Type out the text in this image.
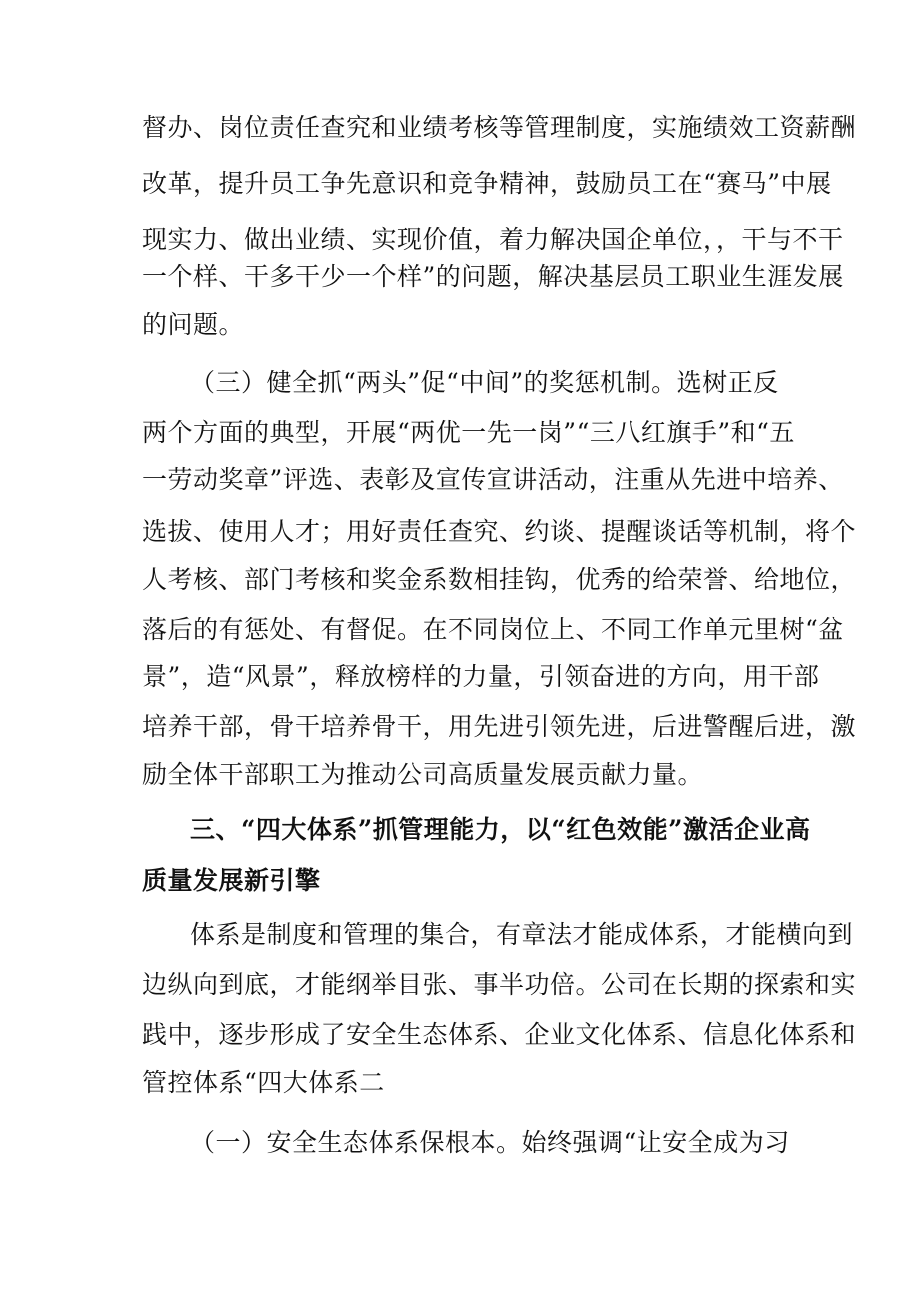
督办、岗位责任查究和业绩考核等管理制度，实施绩效工资薪酬
改革，提升员工争先意识和竞争精神，鼓励员工在“赛马”中展
现实力、做出业绩、实现价值，着力解决国企单位，，干与不干
一个样、干多干少一个样”的问题，解决基层员工职业生涯发展
的问题。
（三）健全抓“两头”促“中间”的奖惩机制。选树正反
两个方面的典型，开展“两优一先一岗”“三八红旗手”和“五
一劳动奖章”评选、表彰及宣传宣讲活动，注重从先进中培养、
选拔、使用人才；用好责任查究、约谈、提醒谈话等机制，将个
人考核、部门考核和奖金系数相挂钩，优秀的给荣誉、给地位，
落后的有惩处、有督促。在不同岗位上、不同工作单元里树“盆
景”，造“风景”，释放榜样的力量，引领奋进的方向，用干部
培养干部，骨干培养骨干，用先进引领先进，后进警醒后进，激
励全体干部职工为推动公司高质量发展贡献力量。
三、“四大体系”抓管理能力，以“红色效能”激活企业高
质量发展新引擎
体系是制度和管理的集合，有章法才能成体系，才能横向到
边纵向到底，才能纲举目张、事半功倍。公司在长期的探索和实
践中，逐步形成了安全生态体系、企业文化体系、信息化体系和
管控体系“四大体系二
（一）安全生态体系保根本。始终强调“让安全成为习
